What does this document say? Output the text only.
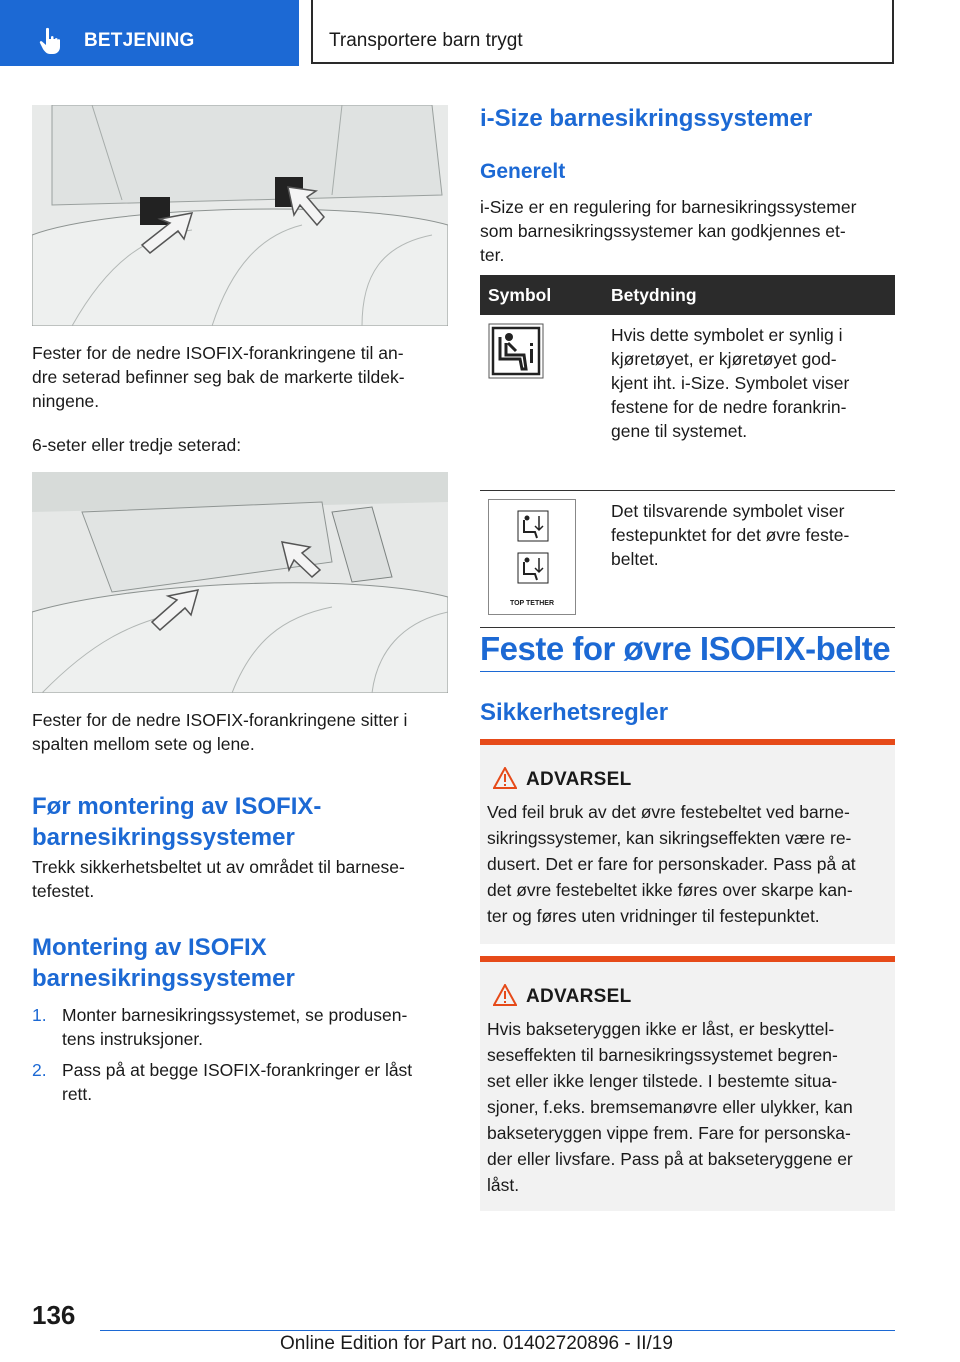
BETJENING	Transportere barn trygt

Fester for de nedre ISOFIX-forankringene til an-
dre seterad befinner seg bak de markerte tildek-
ningene.

6-seter eller tredje seterad:

Fester for de nedre ISOFIX-forankringene sitter i
spalten mellom sete og lene.

Før montering av ISOFIX-
barnesikringssystemer

Trekk sikkerhetsbeltet ut av området til barnese-
tefestet.

Montering av ISOFIX
barnesikringssystemer
1. Monter barnesikringssystemet, se produsen-
tens instruksjoner.

2. Pass på at begge ISOFIX-forankringer er låst
rett.

i-Size barnesikringssystemer
Generelt

i-Size er en regulering for barnesikringssystemer
som barnesikringssystemer kan godkjennes et-
ter.

Symbol	Betydning
	Hvis dette symbolet er synlig i
kjøretøyet, er kjøretøyet god-
kjent iht. i-Size. Symbolet viser
festene for de nedre forankrin-
gene til systemet.

TOP TETHER	Det tilsvarende symbolet viser
festepunktet for det øvre feste-
beltet.
Feste for øvre ISOFIX-belte
Sikkerhetsregler
ADVARSEL

Ved feil bruk av det øvre festebeltet ved barne-
sikringssystemer, kan sikringseffekten være re-
dusert. Det er fare for personskader. Pass på at
det øvre festebeltet ikke føres over skarpe kan-
ter og føres uten vridninger til festepunktet.

ADVARSEL

Hvis bakseteryggen ikke er låst, er beskyttel-
seseffekten til barnesikringssystemet begren-
set eller ikke lenger tilstede. I bestemte situa-
sjoner, f.eks. bremsemanøvre eller ulykker, kan
bakseteryggen vippe frem. Fare for personska-
der eller livsfare. Pass på at bakseteryggene er
låst.

136
Online Edition for Part no. 01402720896 - II/19
